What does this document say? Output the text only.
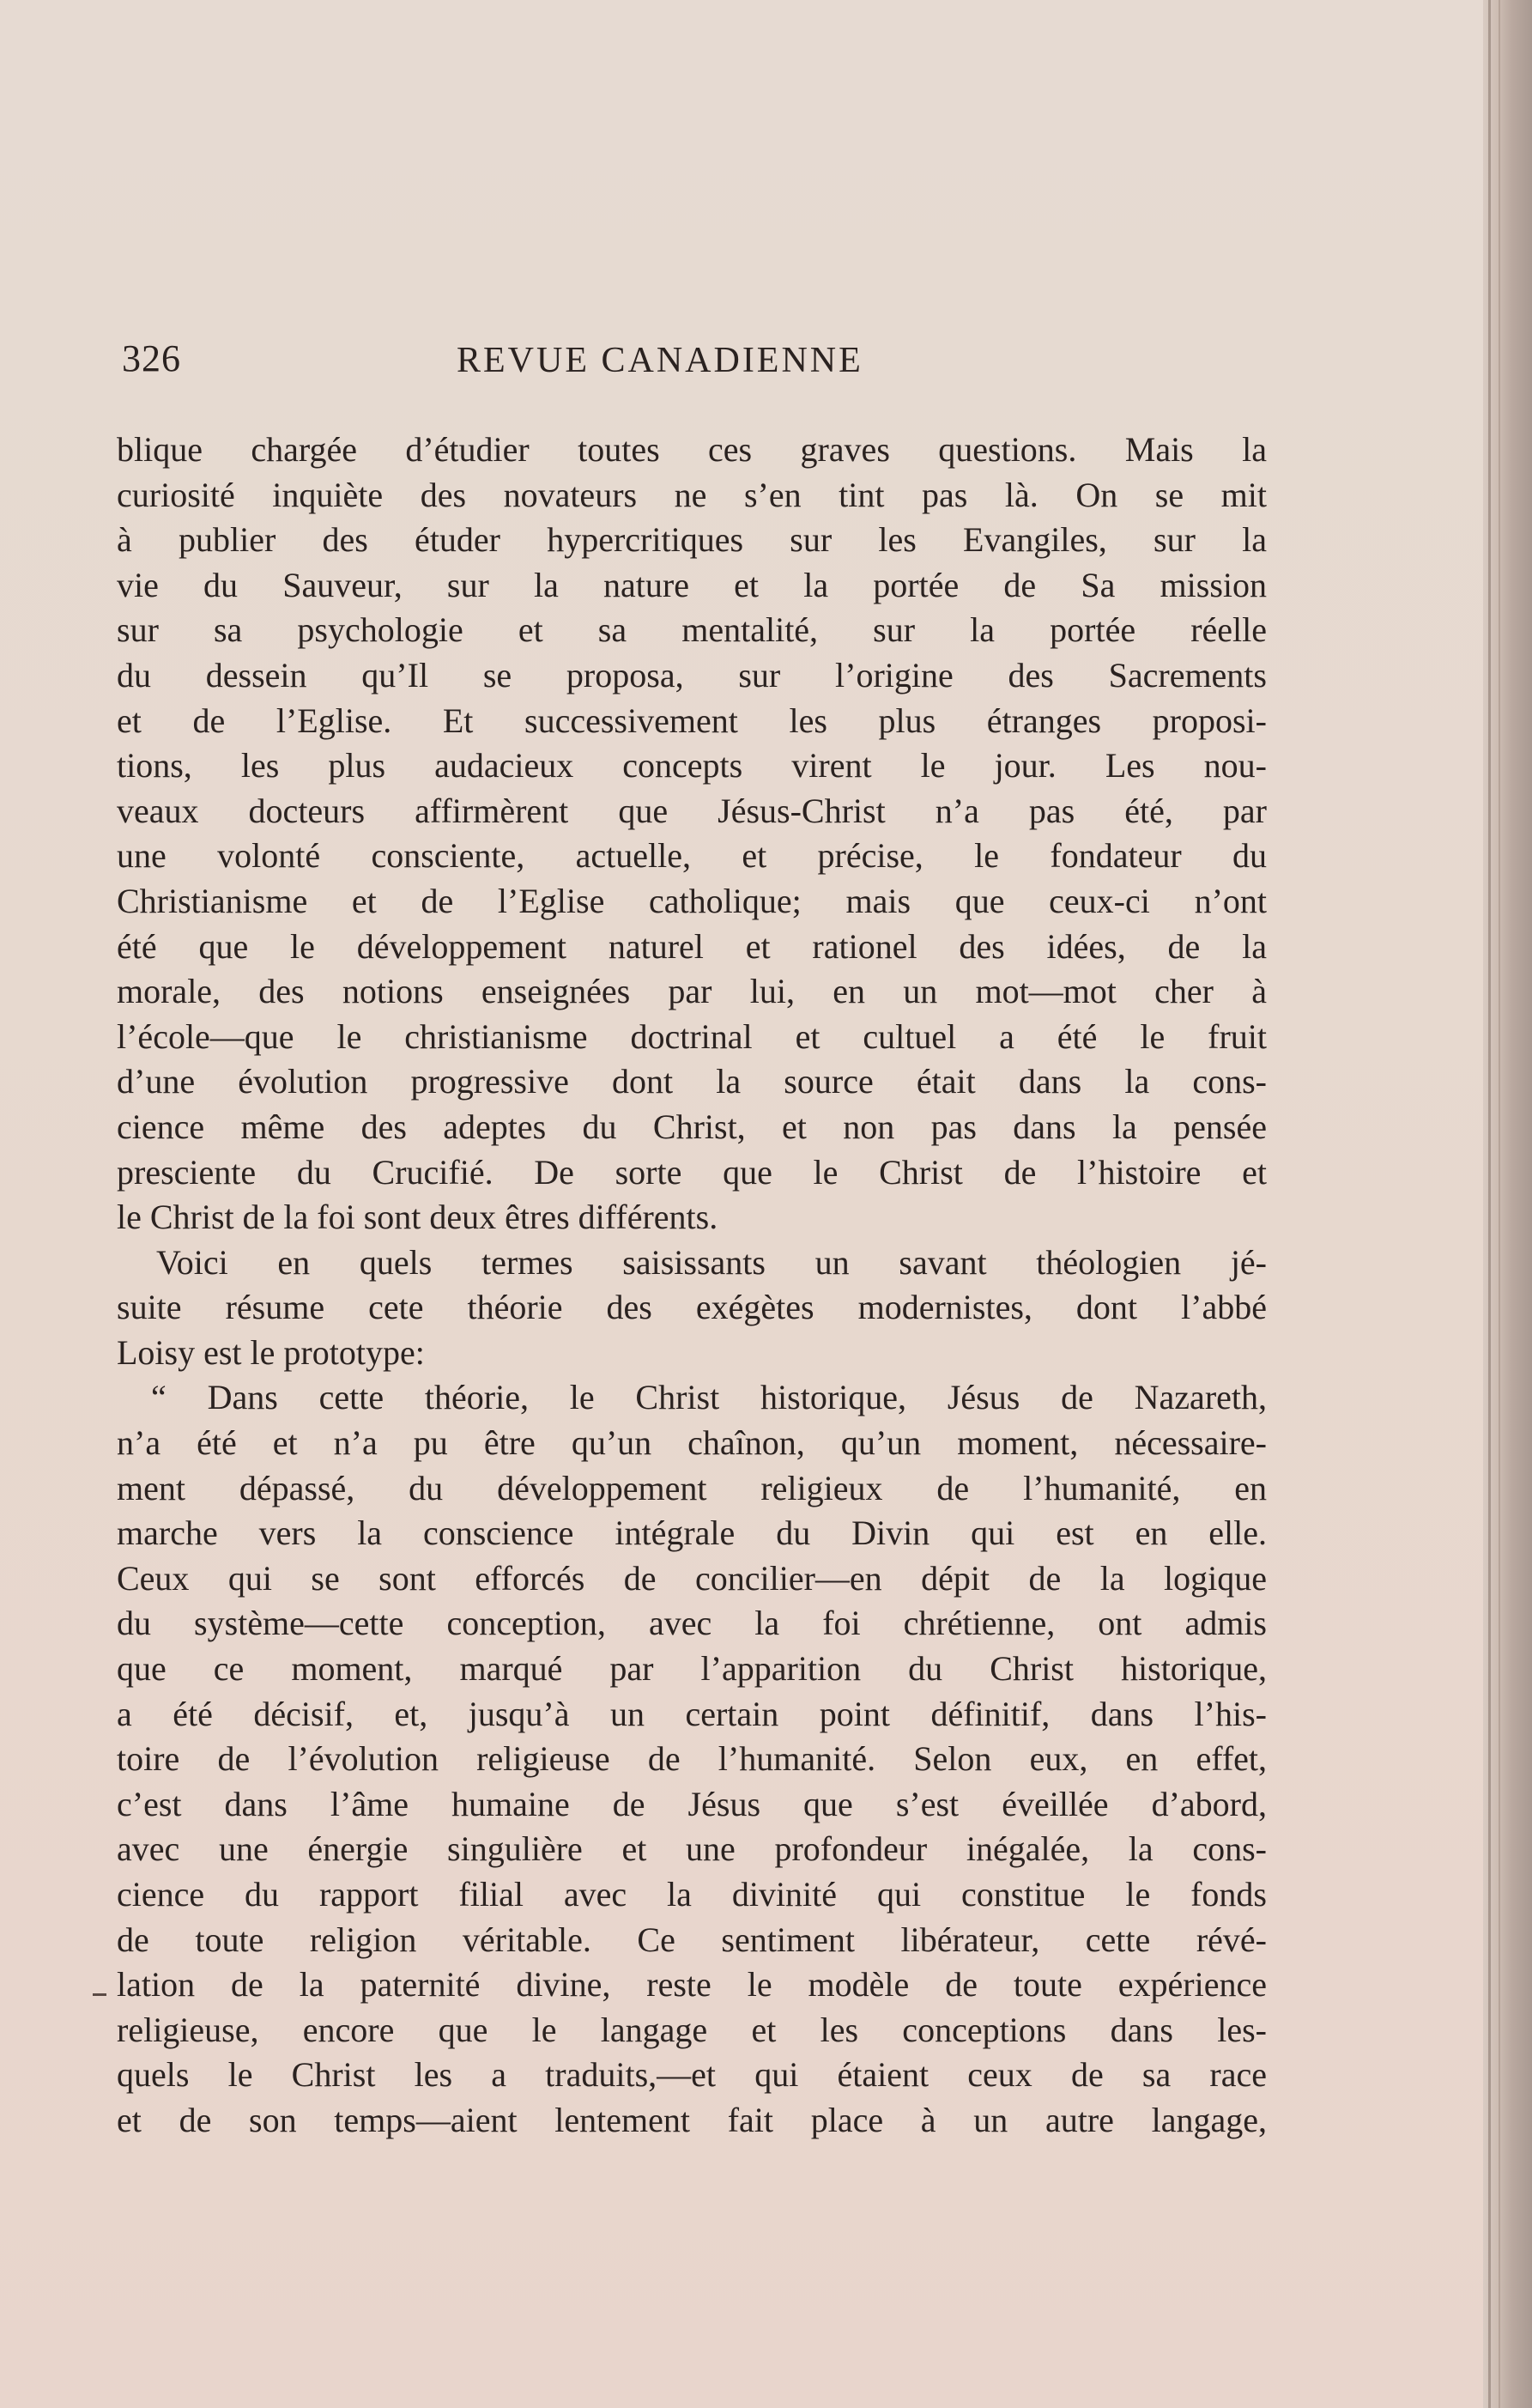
326	REVUE CANADIENNE
blique chargée d’étudier toutes ces graves questions. Mais la
curiosité inquiète des novateurs ne s’en tint pas là. On se mit
à publier des étuder hypercritiques sur les Evangiles, sur la
vie du Sauveur, sur la nature et la portée de Sa mission
sur sa psychologie et sa mentalité, sur la portée réelle
du dessein qu’Il se proposa, sur l’origine des Sacrements
et de l’Eglise. Et successivement les plus étranges proposi-
tions, les plus audacieux concepts virent le jour. Les nou-
veaux docteurs affirmèrent que Jésus-Christ n’a pas été, par
une volonté consciente, actuelle, et précise, le fondateur du
Christianisme et de l’Eglise catholique; mais que ceux-ci n’ont
été que le développement naturel et rationel des idées, de la
morale, des notions enseignées par lui, en un mot—mot cher à
l’école—que le christianisme doctrinal et cultuel a été le fruit
d’une évolution progressive dont la source était dans la cons-
cience même des adeptes du Christ, et non pas dans la pensée
presciente du Crucifié. De sorte que le Christ de l’histoire et
le Christ de la foi sont deux êtres différents.
Voici en quels termes saisissants un savant théologien jé-
suite résume cete théorie des exégètes modernistes, dont l’abbé
Loisy est le prototype:
“ Dans cette théorie, le Christ historique, Jésus de Nazareth,
n’a été et n’a pu être qu’un chaînon, qu’un moment, nécessaire-
ment dépassé, du développement religieux de l’humanité, en
marche vers la conscience intégrale du Divin qui est en elle.
Ceux qui se sont efforcés de concilier—en dépit de la logique
du système—cette conception, avec la foi chrétienne, ont admis
que ce moment, marqué par l’apparition du Christ historique,
a été décisif, et, jusqu’à un certain point définitif, dans l’his-
toire de l’évolution religieuse de l’humanité. Selon eux, en effet,
c’est dans l’âme humaine de Jésus que s’est éveillée d’abord,
avec une énergie singulière et une profondeur inégalée, la cons-
cience du rapport filial avec la divinité qui constitue le fonds
de toute religion véritable. Ce sentiment libérateur, cette révé-
lation de la paternité divine, reste le modèle de toute expérience
religieuse, encore que le langage et les conceptions dans les-
quels le Christ les a traduits,—et qui étaient ceux de sa race
et de son temps—aient lentement fait place à un autre langage,
